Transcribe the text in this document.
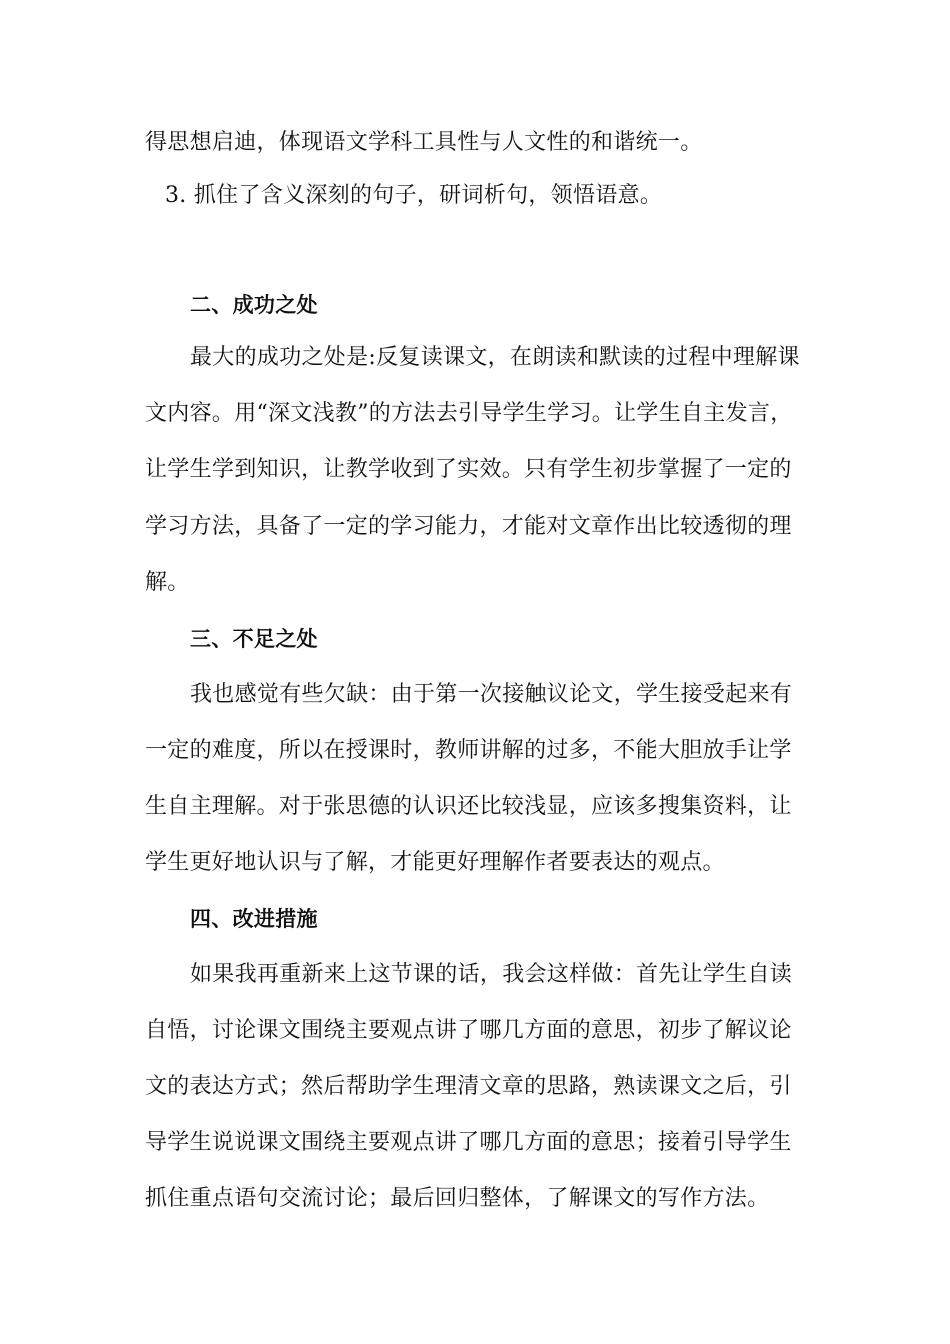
得思想启迪，体现语文学科工具性与人文性的和谐统一。
3. 抓住了含义深刻的句子，研词析句，领悟语意。
二、成功之处
最大的成功之处是:反复读课文，在朗读和默读的过程中理解课
文内容。用“深文浅教”的方法去引导学生学习。让学生自主发言，
让学生学到知识，让教学收到了实效。只有学生初步掌握了一定的
学习方法，具备了一定的学习能力，才能对文章作出比较透彻的理
解。
三、不足之处
我也感觉有些欠缺：由于第一次接触议论文，学生接受起来有
一定的难度，所以在授课时，教师讲解的过多，不能大胆放手让学
生自主理解。对于张思德的认识还比较浅显，应该多搜集资料，让
学生更好地认识与了解，才能更好理解作者要表达的观点。
四、改进措施
如果我再重新来上这节课的话，我会这样做：首先让学生自读
自悟，讨论课文围绕主要观点讲了哪几方面的意思，初步了解议论
文的表达方式；然后帮助学生理清文章的思路，熟读课文之后，引
导学生说说课文围绕主要观点讲了哪几方面的意思；接着引导学生
抓住重点语句交流讨论；最后回归整体，了解课文的写作方法。
